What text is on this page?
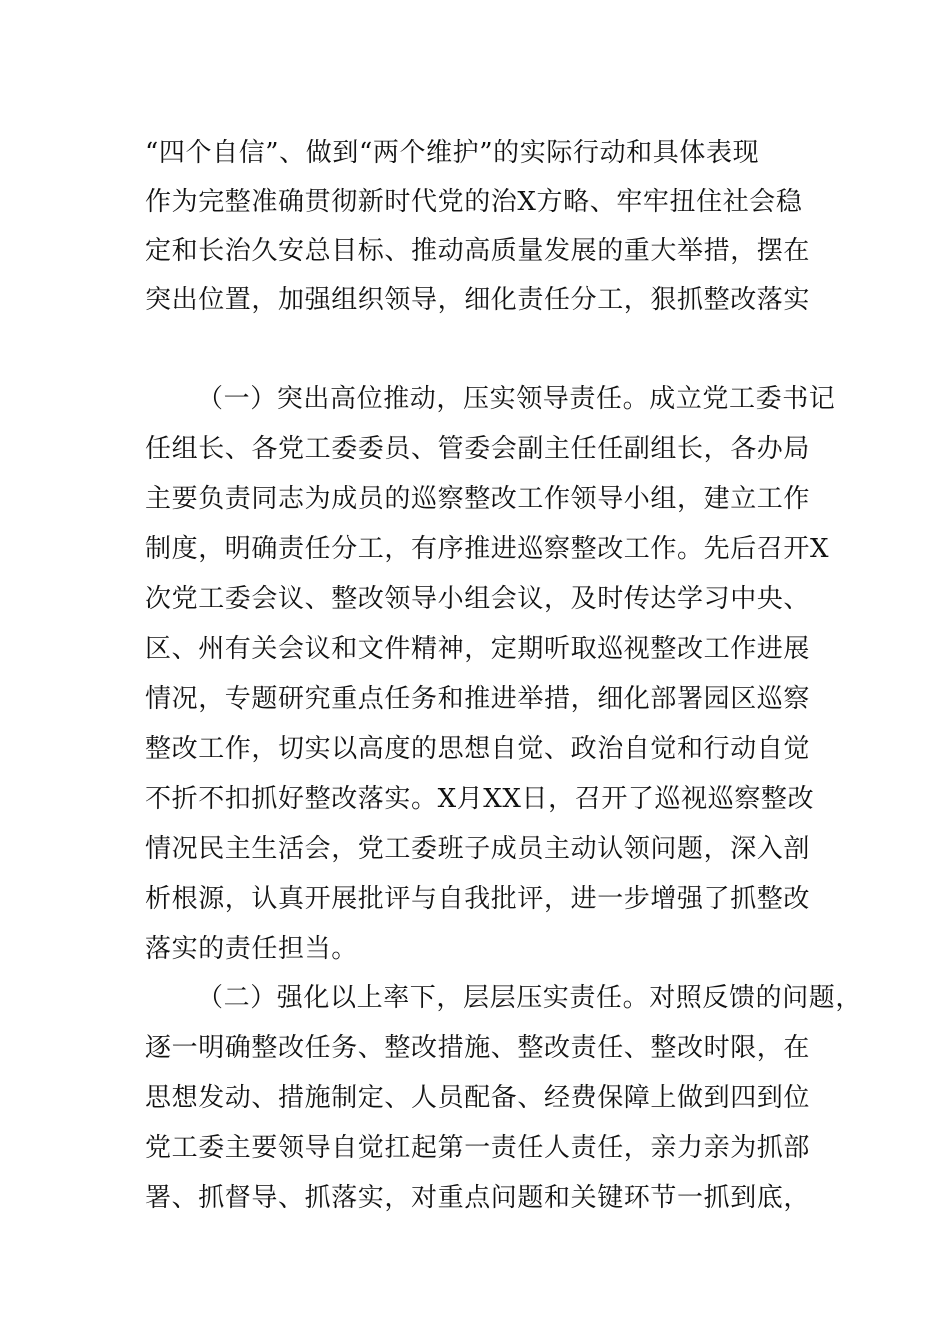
“四个自信”、做到“两个维护”的实际行动和具体表现
作为完整准确贯彻新时代党的治X方略、牢牢扭住社会稳
定和长治久安总目标、推动高质量发展的重大举措，摆在
突出位置，加强组织领导，细化责任分工，狠抓整改落实
（一）突出高位推动，压实领导责任。成立党工委书记
任组长、各党工委委员、管委会副主任任副组长，各办局
主要负责同志为成员的巡察整改工作领导小组，建立工作
制度，明确责任分工，有序推进巡察整改工作。先后召开X
次党工委会议、整改领导小组会议，及时传达学习中央、
区、州有关会议和文件精神，定期听取巡视整改工作进展
情况，专题研究重点任务和推进举措，细化部署园区巡察
整改工作，切实以高度的思想自觉、政治自觉和行动自觉
不折不扣抓好整改落实。X月XX日，召开了巡视巡察整改
情况民主生活会，党工委班子成员主动认领问题，深入剖
析根源，认真开展批评与自我批评，进一步增强了抓整改
落实的责任担当。
（二）强化以上率下，层层压实责任。对照反馈的问题，
逐一明确整改任务、整改措施、整改责任、整改时限，在
思想发动、措施制定、人员配备、经费保障上做到四到位
党工委主要领导自觉扛起第一责任人责任，亲力亲为抓部
署、抓督导、抓落实，对重点问题和关键环节一抓到底，
